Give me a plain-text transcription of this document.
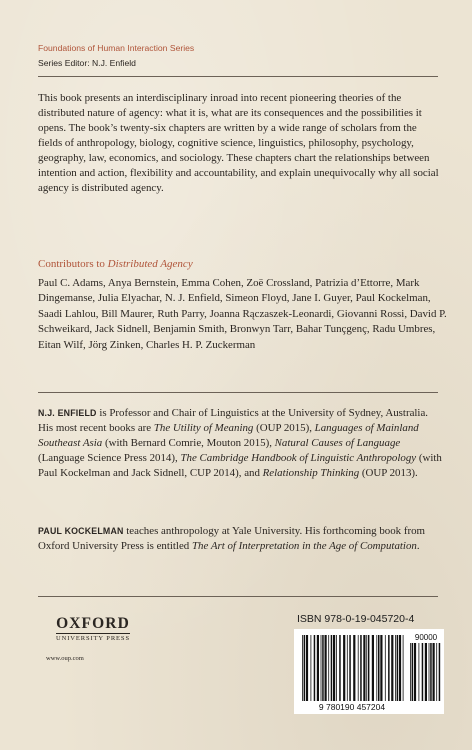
Foundations of Human Interaction Series
Series Editor: N.J. Enfield

This book presents an interdisciplinary inroad into recent pioneering theories of the distributed nature of agency: what it is, what are its consequences and the possibilities it opens. The book’s twenty-six chapters are written by a wide range of scholars from the fields of anthropology, biology, cognitive science, linguistics, philosophy, psychology, geography, law, economics, and sociology. These chapters chart the relationships between intention and action, flexibility and accountability, and explain unequivocally why all social agency is distributed agency.

Contributors to Distributed Agency

Paul C. Adams, Anya Bernstein, Emma Cohen, Zoë Crossland, Patrizia d’Ettorre, Mark Dingemanse, Julia Elyachar, N. J. Enfield, Simeon Floyd, Jane I. Guyer, Paul Kockelman, Saadi Lahlou, Bill Maurer, Ruth Parry, Joanna Rączaszek-Leonardi, Giovanni Rossi, David P. Schweikard, Jack Sidnell, Benjamin Smith, Bronwyn Tarr, Bahar Tunçgenç, Radu Umbres, Eitan Wilf, Jörg Zinken, Charles H. P. Zuckerman

N.J. ENFIELD is Professor and Chair of Linguistics at the University of Sydney, Australia. His most recent books are The Utility of Meaning (OUP 2015), Languages of Mainland Southeast Asia (with Bernard Comrie, Mouton 2015), Natural Causes of Language (Language Science Press 2014), The Cambridge Handbook of Linguistic Anthropology (with Paul Kockelman and Jack Sidnell, CUP 2014), and Relationship Thinking (OUP 2013).

PAUL KOCKELMAN teaches anthropology at Yale University. His forthcoming book from Oxford University Press is entitled The Art of Interpretation in the Age of Computation.

OXFORD
UNIVERSITY PRESS
www.oup.com
ISBN 978-0-19-045720-4
90000
9 780190 457204
